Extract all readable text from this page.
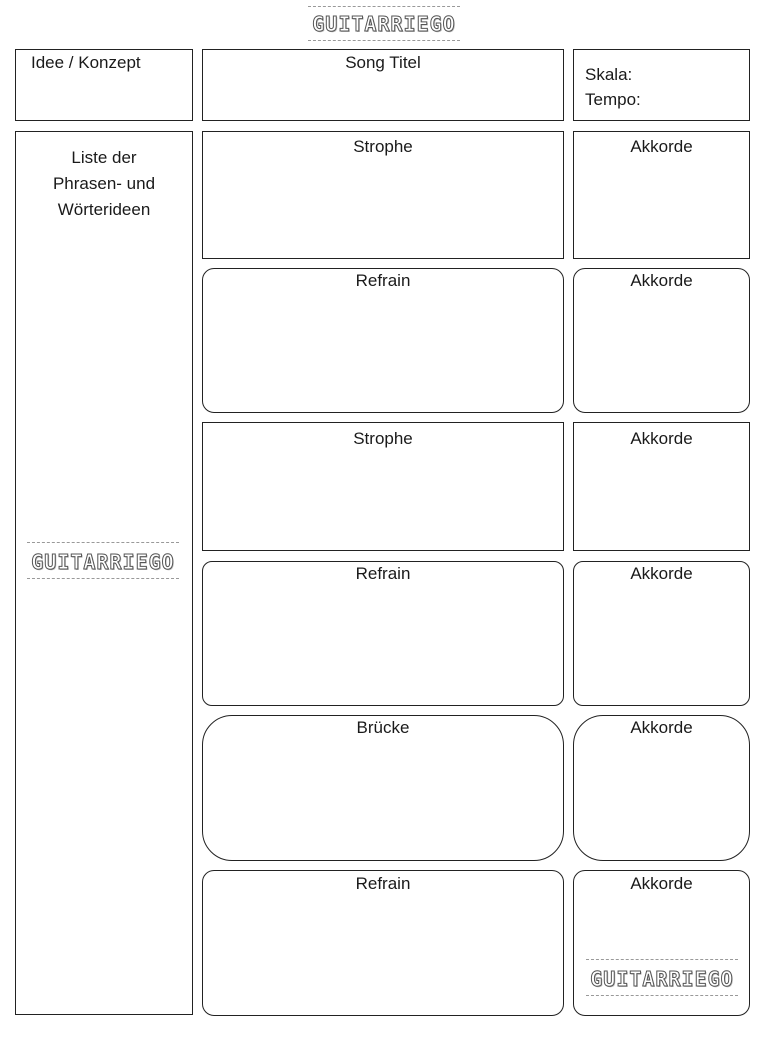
GUITARRIEGO
Idee / Konzept	Song Titel
Skala:
Tempo:
Liste der
Phrasen- und
Wörterideen
GUITARRIEGO
Strophe	Akkorde
Refrain	Akkorde
Strophe	Akkorde
Refrain	Akkorde
Brücke	Akkorde
Refrain	Akkorde
GUITARRIEGO
